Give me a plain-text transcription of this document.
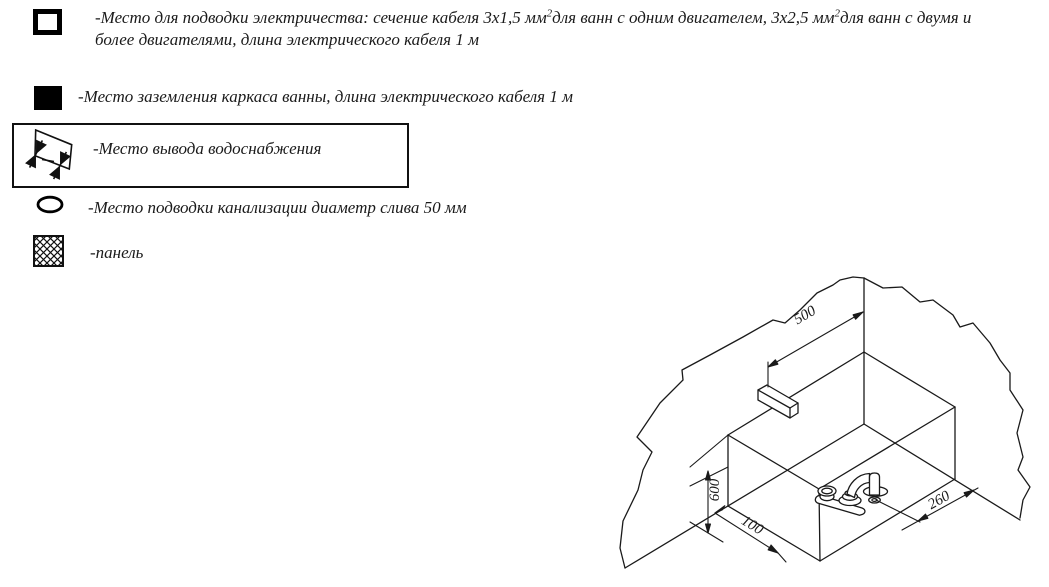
-Место для подводки электричества: сечение кабеля 3х1,5 $мм^2для$ ванн с одним двигателем, 3х2,5 $мм^2для$ ванн с двумя и
более двигателями, длина электрического кабеля 1 м
-Место заземления каркаса ванны, длина электрического кабеля 1 м
-Место вывода водоснабжения
-Место подводки канализации диаметр слива 50 мм
-панель
500
600
100
260
